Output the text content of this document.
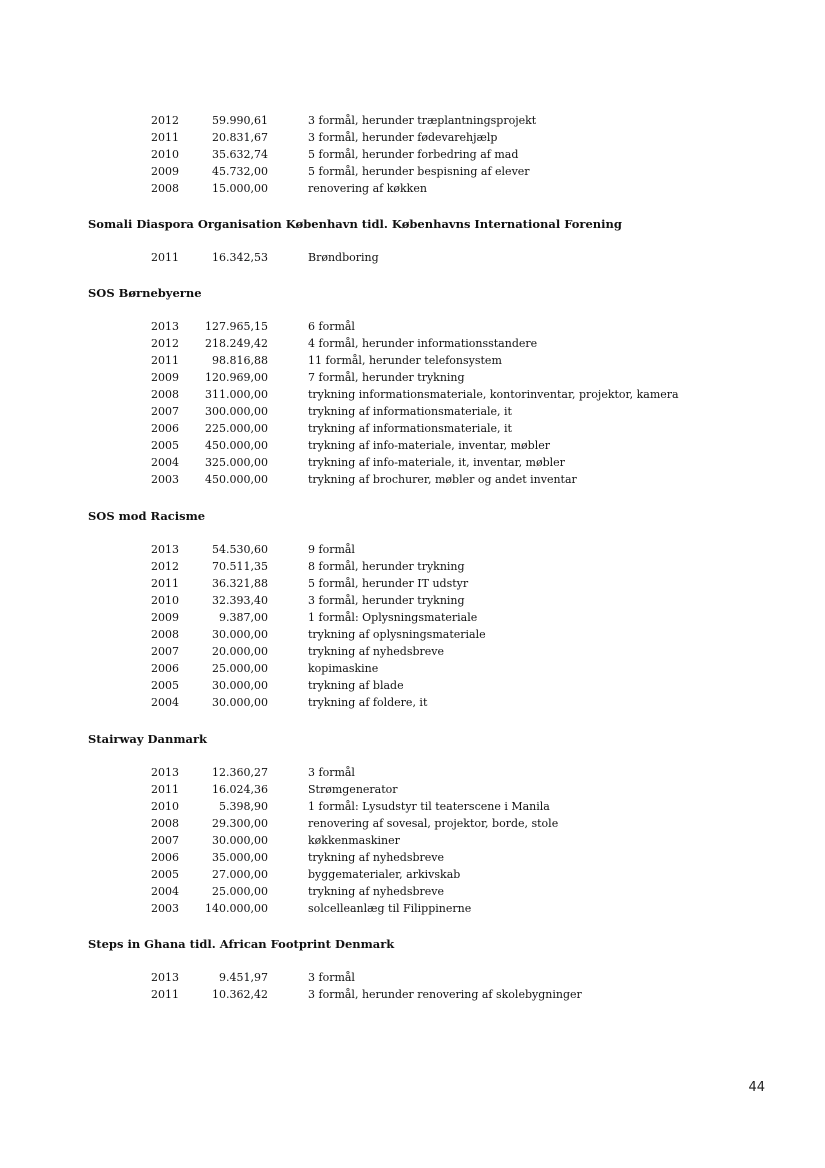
2012	59.990,61	3 formål, herunder træplantningsprojekt
2011	20.831,67	3 formål, herunder fødevarehjælp
2010	35.632,74	5 formål, herunder forbedring af mad
2009	45.732,00	5 formål, herunder bespisning af elever
2008	15.000,00	renovering af køkken
Somali Diaspora Organisation København tidl. Københavns International Forening
2011	16.342,53	Brøndboring
SOS Børnebyerne
2013	127.965,15	6 formål
2012	218.249,42	4 formål, herunder informationsstandere
2011	98.816,88	11 formål, herunder telefonsystem
2009	120.969,00	7 formål, herunder trykning
2008	311.000,00	trykning informationsmateriale, kontorinventar, projektor, kamera
2007	300.000,00	trykning af informationsmateriale, it
2006	225.000,00	trykning af informationsmateriale, it
2005	450.000,00	trykning af info-materiale, inventar, møbler
2004	325.000,00	trykning af info-materiale, it, inventar, møbler
2003	450.000,00	trykning af brochurer, møbler og andet inventar
SOS mod Racisme
2013	54.530,60	9 formål
2012	70.511,35	8 formål, herunder trykning
2011	36.321,88	5 formål, herunder IT udstyr
2010	32.393,40	3 formål, herunder trykning
2009	9.387,00	1 formål: Oplysningsmateriale
2008	30.000,00	trykning af oplysningsmateriale
2007	20.000,00	trykning af nyhedsbreve
2006	25.000,00	kopimaskine
2005	30.000,00	trykning af blade
2004	30.000,00	trykning af foldere, it
Stairway Danmark
2013	12.360,27	3 formål
2011	16.024,36	Strømgenerator
2010	5.398,90	1 formål: Lysudstyr til teaterscene i Manila
2008	29.300,00	renovering af sovesal, projektor, borde, stole
2007	30.000,00	køkkenmaskiner
2006	35.000,00	trykning af nyhedsbreve
2005	27.000,00	byggematerialer, arkivskab
2004	25.000,00	trykning af nyhedsbreve
2003	140.000,00	solcelleanlæg til Filippinerne
Steps in Ghana tidl. African Footprint Denmark
2013	9.451,97	3 formål
2011	10.362,42	3 formål, herunder renovering af skolebygninger
44
